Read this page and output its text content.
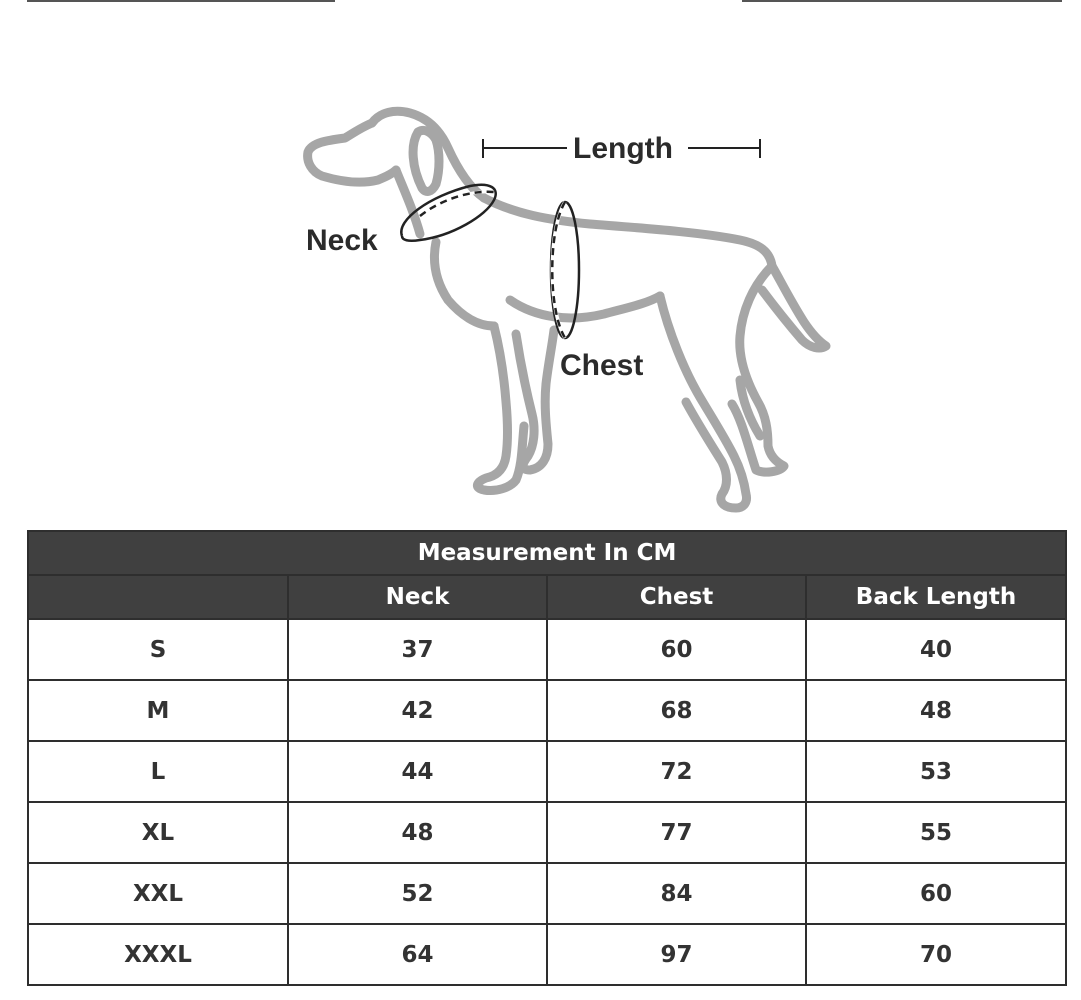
Length
Neck
Chest
Measurement In CM			
	Neck	Chest	Back Length
S	37	60	40
M	42	68	48
L	44	72	53
XL	48	77	55
XXL	52	84	60
XXXL	64	97	70
